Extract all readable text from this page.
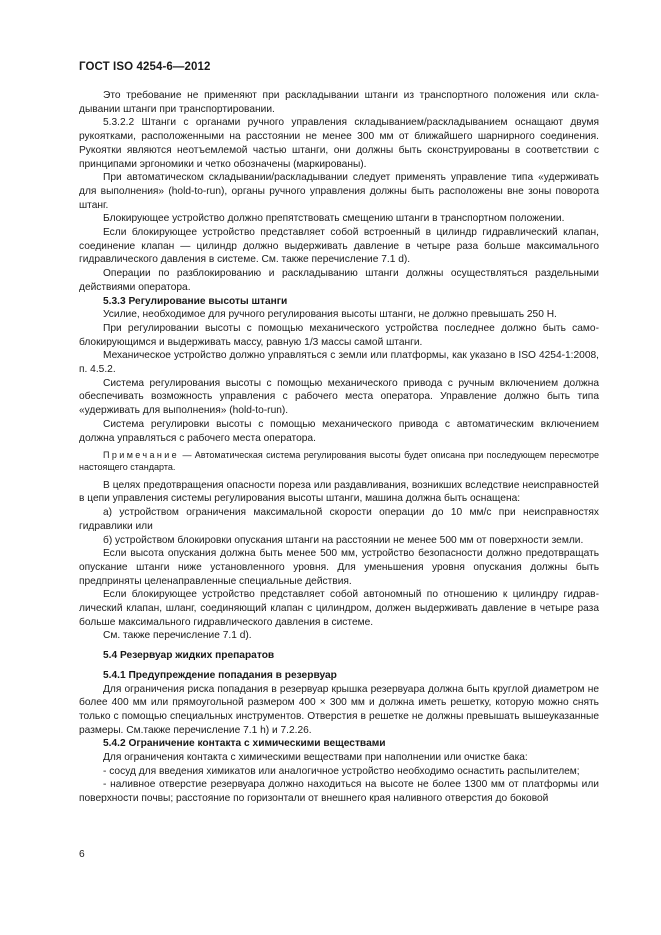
ГОСТ ISO 4254-6—2012

Это требование не применяют при раскладывании штанги из транспортного положения или складывании штанги при транспортировании.

5.3.2.2 Штанги с органами ручного управления складыванием/раскладыванием оснащают двумя рукоятками, расположенными на расстоянии не менее 300 мм от ближайшего шарнирного соединения. Рукоятки являются неотъемлемой частью штанги, они должны быть сконструированы в соответствии с принципами эргономики и четко обозначены (маркированы).

При автоматическом складывании/раскладывании следует применять управление типа «удерживать для выполнения» (hold-to-run), органы ручного управления должны быть расположены вне зоны поворота штанг.

Блокирующее устройство должно препятствовать смещению штанги в транспортном положении.

Если блокирующее устройство представляет собой встроенный в цилиндр гидравлический клапан, соединение клапан — цилиндр должно выдерживать давление в четыре раза больше максимального гидравлического давления в системе. См. также перечисление 7.1 d).

Операции по разблокированию и раскладыванию штанги должны осуществляться раздельными действиями оператора.

5.3.3 Регулирование высоты штанги

Усилие, необходимое для ручного регулирования высоты штанги, не должно превышать 250 Н.

При регулировании высоты с помощью механического устройства последнее должно быть самоблокирующимся и выдерживать массу, равную 1/3 массы самой штанги.

Механическое устройство должно управляться с земли или платформы, как указано в ISO 4254-1:2008, п. 4.5.2.

Система регулирования высоты с помощью механического привода с ручным включением должна обеспечивать возможность управления с рабочего места оператора. Управление должно быть типа «удерживать для выполнения» (hold-to-run).

Система регулировки высоты с помощью механического привода с автоматическим включением должна управляться с рабочего места оператора.

Примечание — Автоматическая система регулирования высоты будет описана при последующем пересмотре настоящего стандарта.

В целях предотвращения опасности пореза или раздавливания, возникших вследствие неисправностей в цепи управления системы регулирования высоты штанги, машина должна быть оснащена:

а) устройством ограничения максимальной скорости операции до 10 мм/с при неисправностях гидравлики или

б) устройством блокировки опускания штанги на расстоянии не менее 500 мм от поверхности земли.

Если высота опускания должна быть менее 500 мм, устройство безопасности должно предотвращать опускание штанги ниже установленного уровня. Для уменьшения уровня опускания должны быть предприняты целенаправленные специальные действия.

Если блокирующее устройство представляет собой автономный по отношению к цилиндру гидравлический клапан, шланг, соединяющий клапан с цилиндром, должен выдерживать давление в четыре раза больше максимального гидравлического давления в системе.

См. также перечисление 7.1 d).

5.4 Резервуар жидких препаратов

5.4.1 Предупреждение попадания в резервуар

Для ограничения риска попадания в резервуар крышка резервуара должна быть круглой диаметром не более 400 мм или прямоугольной размером 400 × 300 мм и должна иметь решетку, которую можно снять только с помощью специальных инструментов. Отверстия в решетке не должны превышать вышеуказанные размеры. См.также перечисление 7.1 h) и 7.2.26.

5.4.2 Ограничение контакта с химическими веществами

Для ограничения контакта с химическими веществами при наполнении или очистке бака:

- сосуд для введения химикатов или аналогичное устройство необходимо оснастить распылителем;

- наливное отверстие резервуара должно находиться на высоте не более 1300 мм от платформы или поверхности почвы; расстояние по горизонтали от внешнего края наливного отверстия до боковой

6
